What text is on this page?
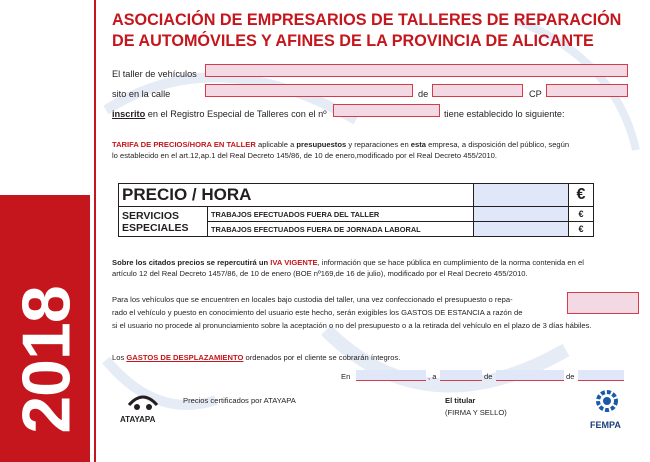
2018
ASOCIACIÓN DE EMPRESARIOS DE TALLERES DE REPARACIÓN
DE AUTOMÓVILES Y AFINES DE LA PROVINCIA DE ALICANTE
El taller de vehículos
sito en la calle	de	CP
inscrito en el Registro Especial de Talleres con el nº	tiene establecido lo siguiente:
TARIFA DE PRECIOS/HORA EN TALLER aplicable a presupuestos y reparaciones en esta empresa, a disposición del público, según
lo establecido en el art.12,ap.1 del Real Decreto 145/86, de 10 de enero,modificado por el Real Decreto 455/2010.
PRECIO / HORA			€
SERVICIOS ESPECIALES	TRABAJOS EFECTUADOS FUERA DEL TALLER		€
	TRABAJOS EFECTUADOS FUERA DE JORNADA LABORAL		€
Sobre los citados precios se repercutirá un IVA VIGENTE, información que se hace pública en cumplimiento de la norma contenida en el
artículo 12 del Real Decreto 1457/86, de 10 de enero (BOE nº169,de 16 de julio), modificado por el Real Decreto 455/2010.
Para los vehículos que se encuentren en locales bajo custodia del taller, una vez confeccionado el presupuesto o repa-
rado el vehículo y puesto en conocimiento del usuario este hecho, serán exigibles los GASTOS DE ESTANCIA a razón de
si el usuario no procede al pronunciamiento sobre la aceptación o no del presupuesto o a la retirada del vehículo en el plazo de 3 días hábiles.
Los GASTOS DE DESPLAZAMIENTO ordenados por el cliente se cobrarán íntegros.
En	, a	de	de
ATAYAPA
Precios certificados por ATAYAPA	El titular
(FIRMA Y SELLO)
FEMPA
